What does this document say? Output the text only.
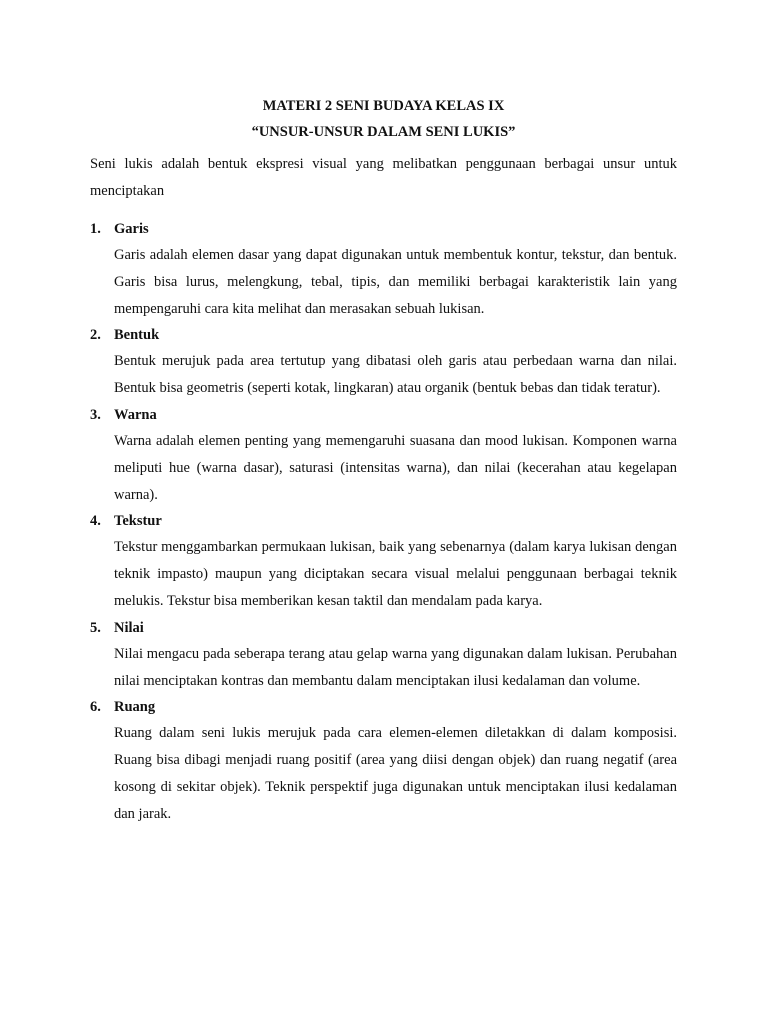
MATERI 2 SENI BUDAYA KELAS IX
“UNSUR-UNSUR DALAM SENI LUKIS”
Seni lukis adalah bentuk ekspresi visual yang melibatkan penggunaan berbagai unsur untuk menciptakan
1. Garis
Garis adalah elemen dasar yang dapat digunakan untuk membentuk kontur, tekstur, dan bentuk. Garis bisa lurus, melengkung, tebal, tipis, dan memiliki berbagai karakteristik lain yang mempengaruhi cara kita melihat dan merasakan sebuah lukisan.
2. Bentuk
Bentuk merujuk pada area tertutup yang dibatasi oleh garis atau perbedaan warna dan nilai. Bentuk bisa geometris (seperti kotak, lingkaran) atau organik (bentuk bebas dan tidak teratur).
3. Warna
Warna adalah elemen penting yang memengaruhi suasana dan mood lukisan. Komponen warna meliputi hue (warna dasar), saturasi (intensitas warna), dan nilai (kecerahan atau kegelapan warna).
4. Tekstur
Tekstur menggambarkan permukaan lukisan, baik yang sebenarnya (dalam karya lukisan dengan teknik impasto) maupun yang diciptakan secara visual melalui penggunaan berbagai teknik melukis. Tekstur bisa memberikan kesan taktil dan mendalam pada karya.
5. Nilai
Nilai mengacu pada seberapa terang atau gelap warna yang digunakan dalam lukisan. Perubahan nilai menciptakan kontras dan membantu dalam menciptakan ilusi kedalaman dan volume.
6. Ruang
Ruang dalam seni lukis merujuk pada cara elemen-elemen diletakkan di dalam komposisi. Ruang bisa dibagi menjadi ruang positif (area yang diisi dengan objek) dan ruang negatif (area kosong di sekitar objek). Teknik perspektif juga digunakan untuk menciptakan ilusi kedalaman dan jarak.
